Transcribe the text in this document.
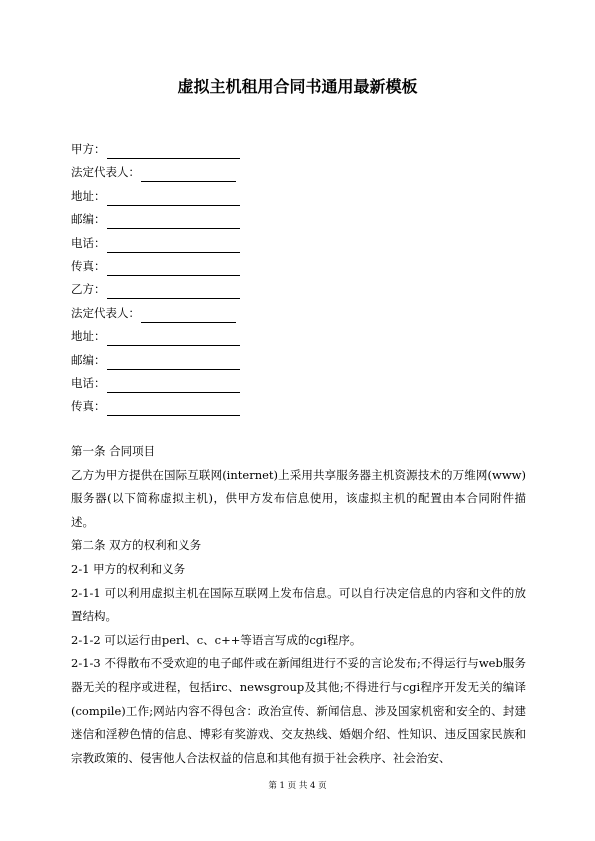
虚拟主机租用合同书通用最新模板
甲方：
法定代表人：
地址：
邮编：
电话：
传真：
乙方：
法定代表人：
地址：
邮编：
电话：
传真：

第一条 合同项目

乙方为甲方提供在国际互联网(internet)上采用共享服务器主机资源技术的万维网(www)服务器(以下简称虚拟主机)，供甲方发布信息使用，该虚拟主机的配置由本合同附件描述。

第二条 双方的权利和义务

2-1 甲方的权利和义务

2-1-1 可以利用虚拟主机在国际互联网上发布信息。可以自行决定信息的内容和文件的放置结构。

2-1-2 可以运行由perl、c、c++等语言写成的cgi程序。

2-1-3 不得散布不受欢迎的电子邮件或在新闻组进行不妥的言论发布;不得运行与web服务器无关的程序或进程，包括irc、newsgroup及其他;不得进行与cgi程序开发无关的编译(compile)工作;网站内容不得包含：政治宣传、新闻信息、涉及国家机密和安全的、封建迷信和淫秽色情的信息、博彩有奖游戏、交友热线、婚姻介绍、性知识、违反国家民族和宗教政策的、侵害他人合法权益的信息和其他有损于社会秩序、社会治安、

第 1 页 共 4 页
